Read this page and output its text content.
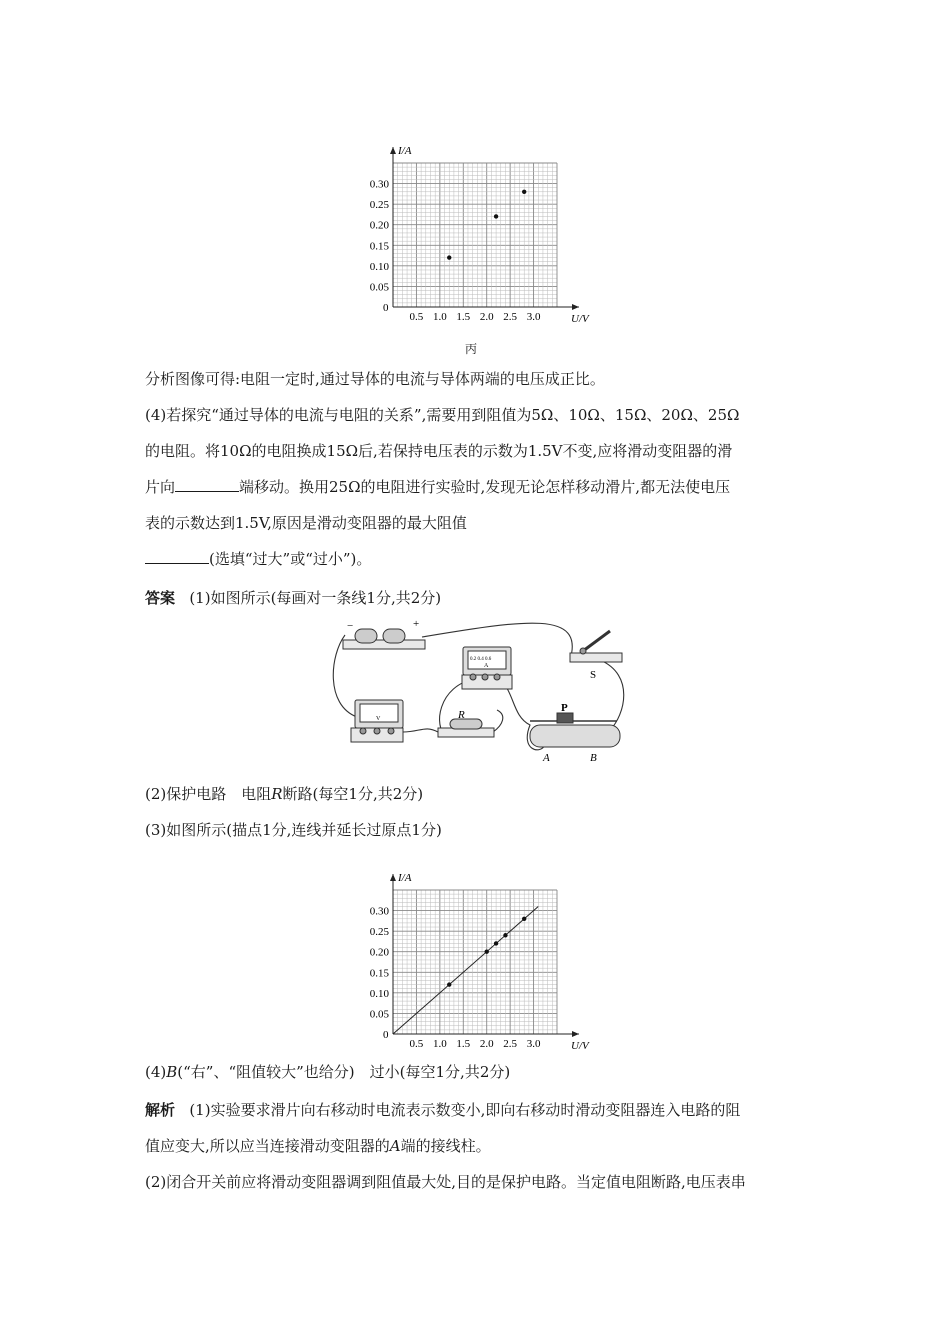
U/V
I/A
0
0.5 1.0 1.5 2.0 2.5 3.0
0.05
0.10
0.15
0.20
0.25
0.30
丙
分析图像可得:电阻一定时,通过导体的电流与导体两端的电压成正比。
(4)若探究“通过导体的电流与电阻的关系”,需要用到阻值为5Ω、10Ω、15Ω、20Ω、25Ω
的电阻。将10Ω的电阻换成15Ω后,若保持电压表的示数为1.5V不变,应将滑动变阻器的滑
片向	端移动。换用25Ω的电阻进行实验时,发现无论怎样移动滑片,都无法使电压
表的示数达到1.5V,原因是滑动变阻器的最大阻值
(选填“过大”或“过小”)。
答案 (1)如图所示(每画对一条线1分,共2分)
−	+
S
0.2 0.4 0.6
A
V	R
P
A	B
(2)保护电路　电阻R断路(每空1分,共2分)
(3)如图所示(描点1分,连线并延长过原点1分)
U/V
I/A
0
0.5 1.0 1.5 2.0 2.5 3.0
0.05
0.10
0.15
0.20
0.25
0.30
(4)B(“右”、“阻值较大”也给分)　过小(每空1分,共2分)
解析 (1)实验要求滑片向右移动时电流表示数变小,即向右移动时滑动变阻器连入电路的阻
值应变大,所以应当连接滑动变阻器的A端的接线柱。
(2)闭合开关前应将滑动变阻器调到阻值最大处,目的是保护电路。当定值电阻断路,电压表串
